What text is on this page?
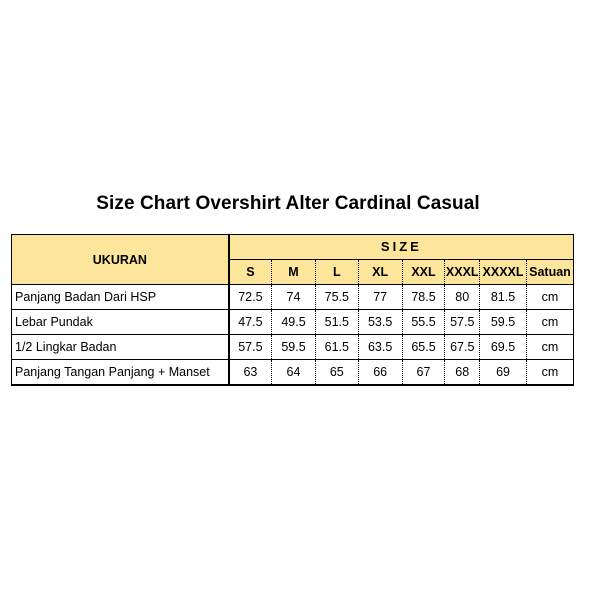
Size Chart Overshirt Alter Cardinal Casual
UKURAN	SIZE							
	S	M	L	XL	XXL	XXXL	XXXXL	Satuan
Panjang Badan Dari HSP	72.5	74	75.5	77	78.5	80	81.5	cm
Lebar Pundak	47.5	49.5	51.5	53.5	55.5	57.5	59.5	cm
1/2 Lingkar Badan	57.5	59.5	61.5	63.5	65.5	67.5	69.5	cm
Panjang Tangan Panjang + Manset	63	64	65	66	67	68	69	cm
